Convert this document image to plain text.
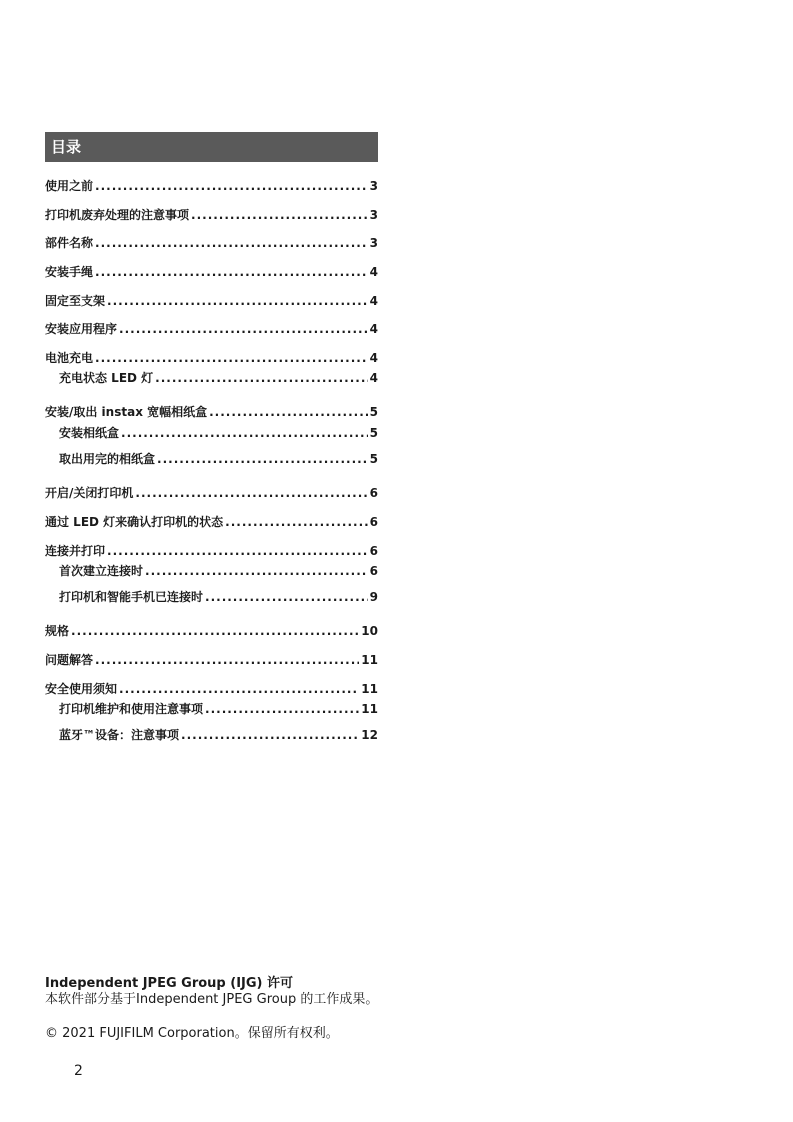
目录
使用之前 .....	3
打印机废弃处理的注意事项 .....	3
部件名称 .....	3
安装手绳 .....	4
固定至支架 .....	4
安装应用程序 .....	4
电池充电 .....	4
充电状态 LED 灯 .....	4
安装/取出 instax 宽幅相纸盒 .....	5
安装相纸盒 .....	5
取出用完的相纸盒 .....	5
开启/关闭打印机 .....	6
通过 LED 灯来确认打印机的状态 .....	6
连接并打印 .....	6
首次建立连接时 .....	6
打印机和智能手机已连接时 .....	9
规格 .....	10
问题解答 .....	11
安全使用须知 .....	11
打印机维护和使用注意事项 .....	11
蓝牙™设备：注意事项 .....	12
Independent JPEG Group (IJG) 许可
本软件部分基于Independent JPEG Group 的工作成果。
© 2021 FUJIFILM Corporation。保留所有权利。
2
